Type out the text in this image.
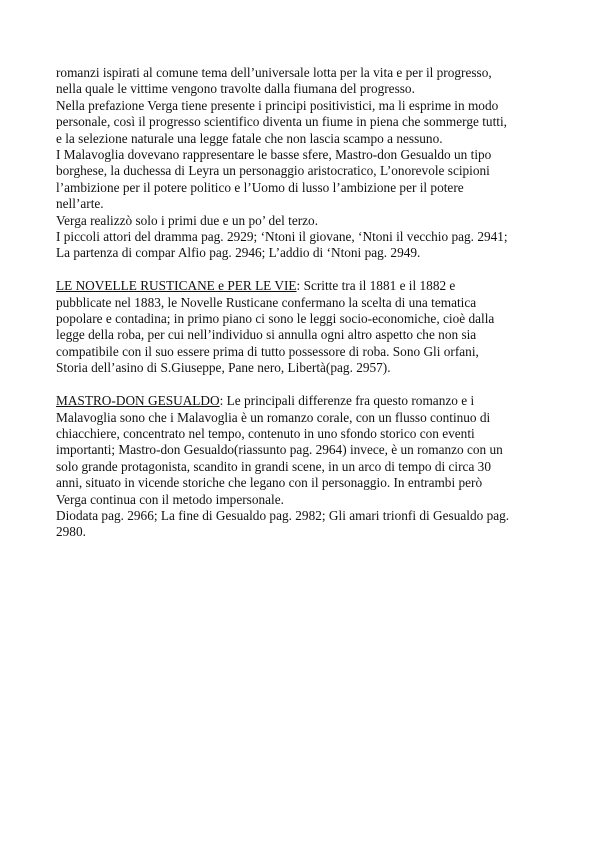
romanzi ispirati al comune tema dell’universale lotta per la vita e per il progresso,

nella quale le vittime vengono travolte dalla fiumana del progresso.

Nella prefazione Verga tiene presente i principi positivistici, ma li esprime in modo

personale, così il progresso scientifico diventa un fiume in piena che sommerge tutti,

e la selezione naturale una legge fatale che non lascia scampo a nessuno.

I Malavoglia dovevano rappresentare le basse sfere, Mastro-don Gesualdo un tipo

borghese, la duchessa di Leyra un personaggio aristocratico, L’onorevole scipioni

l’ambizione per il potere politico e l’Uomo di lusso l’ambizione per il potere

nell’arte.

Verga realizzò solo i primi due e un po’ del terzo.

I piccoli attori del dramma pag. 2929; ‘Ntoni il giovane, ‘Ntoni il vecchio pag. 2941;

La partenza di compar Alfio pag. 2946; L’addio di ‘Ntoni pag. 2949.

LE NOVELLE RUSTICANE e PER LE VIE: Scritte tra il 1881 e il 1882 e

pubblicate nel 1883, le Novelle Rusticane confermano la scelta di una tematica

popolare e contadina; in primo piano ci sono le leggi socio-economiche, cioè dalla

legge della roba, per cui nell’individuo si annulla ogni altro aspetto che non sia

compatibile con il suo essere prima di tutto possessore di roba. Sono Gli orfani,

Storia dell’asino di S.Giuseppe, Pane nero, Libertà(pag. 2957).

MASTRO-DON GESUALDO: Le principali differenze fra questo romanzo e i

Malavoglia sono che i Malavoglia è un romanzo corale, con un flusso continuo di

chiacchiere, concentrato nel tempo, contenuto in uno sfondo storico con eventi

importanti; Mastro-don Gesualdo(riassunto pag. 2964) invece, è un romanzo con un

solo grande protagonista, scandito in grandi scene, in un arco di tempo di circa 30

anni, situato in vicende storiche che legano con il personaggio. In entrambi però

Verga continua con il metodo impersonale.

Diodata pag. 2966; La fine di Gesualdo pag. 2982; Gli amari trionfi di Gesualdo pag.

2980.
